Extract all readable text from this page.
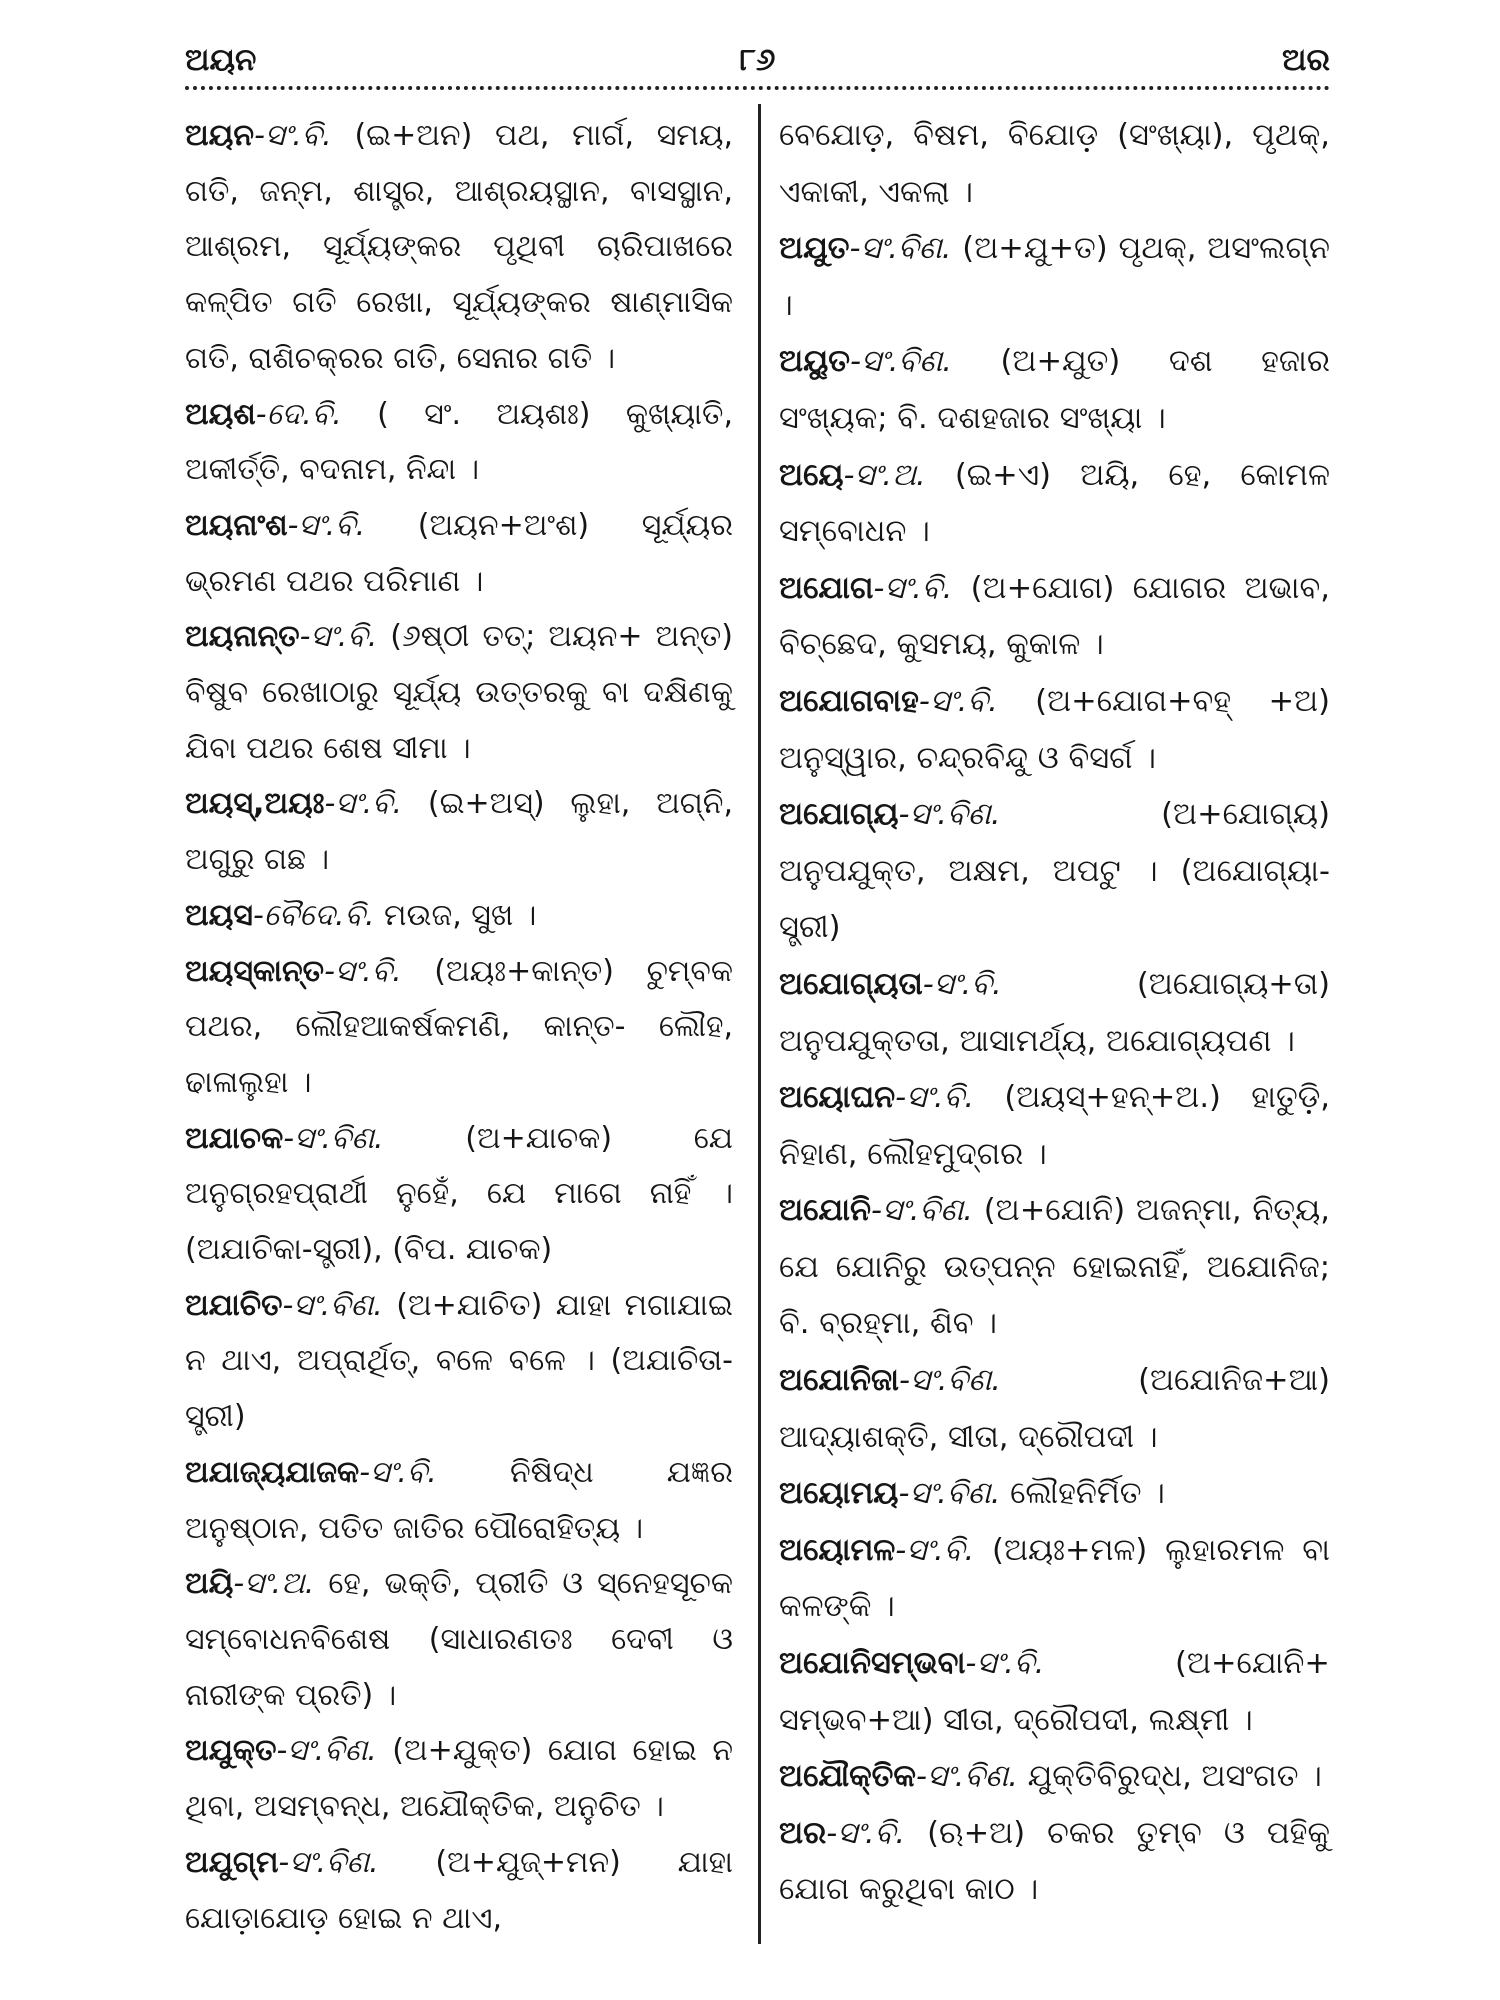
ଅୟନ	୮୬	ଅର

ଅୟନ-ସଂ.ବି. (ଇ+ଅନ) ପଥ, ମାର୍ଗ, ସମୟ, ଗତି, ଜନ୍ମ, ଶାସ୍ତ୍ର, ଆଶ୍ରୟସ୍ଥାନ, ବାସସ୍ଥାନ, ଆଶ୍ରମ, ସୂର୍ଯ୍ୟଙ୍କର ପୃଥିବୀ ଚାରିପାଖରେ କଳ୍ପିତ ଗତି ରେଖା, ସୂର୍ଯ୍ୟଙ୍କର ଷାଣ୍ମାସିକ ଗତି, ରାଶିଚକ୍ରର ଗତି, ସେନାର ଗତି ।

ଅୟଶ-ଦେ.ବି. ( ସଂ. ଅୟଶଃ) କୁଖ୍ୟାତି, ଅକୀର୍ତ୍ତି, ବଦନାମ, ନିନ୍ଦା ।

ଅୟନାଂଶ-ସଂ.ବି. (ଅୟନ+ଅଂଶ) ସୂର୍ଯ୍ୟର ଭ୍ରମଣ ପଥର ପରିମାଣ ।

ଅୟନାନ୍ତ-ସଂ.ବି. (୬ଷ୍ଠୀ ତତ୍; ଅୟନ+ ଅନ୍ତ) ବିଷୁବ ରେଖାଠାରୁ ସୂର୍ଯ୍ୟ ଉତ୍ତରକୁ ବା ଦକ୍ଷିଣକୁ ଯିବା ପଥର ଶେଷ ସୀମା ।

ଅୟସ୍,ଅୟଃ-ସଂ.ବି. (ଇ+ଅସ୍) ଲୁହା, ଅଗ୍ନି, ଅଗୁରୁ ଗଛ ।

ଅୟସ-ବୈଦେ.ବି. ମଉଜ, ସୁଖ ।

ଅୟସ୍କାନ୍ତ-ସଂ.ବି. (ଅୟଃ+କାନ୍ତ) ଚୁମ୍ବକ ପଥର, ଲୌହଆକର୍ଷକମଣି, କାନ୍ତ- ଲୌହ, ଢାଳାଲୁହା ।

ଅଯାଚକ-ସଂ.ବିଣ. (ଅ+ଯାଚକ) ଯେ ଅନୁଗ୍ରହପ୍ରାର୍ଥୀ ନୁହେଁ, ଯେ ମାଗେ ନାହିଁ । (ଅଯାଚିକା-ସ୍ତ୍ରୀ), (ବିପ. ଯାଚକ)

ଅଯାଚିତ-ସଂ.ବିଣ. (ଅ+ଯାଚିତ) ଯାହା ମଗାଯାଇ ନ ଥାଏ, ଅପ୍ରାର୍ଥିତ୍, ବଳେ ବଳେ । (ଅଯାଚିତା-ସ୍ତ୍ରୀ)

ଅଯାଜ୍ୟଯାଜକ-ସଂ.ବି. ନିଷିଦ୍ଧ ଯଜ୍ଞର ଅନୁଷ୍ଠାନ, ପତିତ ଜାତିର ପୌରୋହିତ୍ୟ ।

ଅୟି-ସଂ.ଅ. ହେ, ଭକ୍ତି, ପ୍ରୀତି ଓ ସ୍ନେହସୂଚକ ସମ୍ବୋଧନବିଶେଷ (ସାଧାରଣତଃ ଦେବୀ ଓ ନାରୀଙ୍କ ପ୍ରତି) ।

ଅଯୁକ୍ତ-ସଂ.ବିଣ. (ଅ+ଯୁକ୍ତ) ଯୋଗ ହୋଇ ନ ଥିବା, ଅସମ୍ବନ୍ଧ, ଅଯୌକ୍ତିକ, ଅନୁଚିତ ।

ଅଯୁଗ୍ମ-ସଂ.ବିଣ. (ଅ+ଯୁଜ୍+ମନ) ଯାହା ଯୋଡ଼ାଯୋଡ଼ ହୋଇ ନ ଥାଏ,

ବେଯୋଡ଼, ବିଷମ, ବିଯୋଡ଼ (ସଂଖ୍ୟା), ପୃଥକ୍, ଏକାକୀ, ଏକଲା ।

ଅଯୁତ-ସଂ.ବିଣ. (ଅ+ଯୁ+ତ) ପୃଥକ୍, ଅସଂଲଗ୍ନ ।

ଅୟୁତ-ସଂ.ବିଣ. (ଅ+ଯୁତ) ଦଶ ହଜାର ସଂଖ୍ୟକ; ବି. ଦଶହଜାର ସଂଖ୍ୟା ।

ଅୟେ-ସଂ.ଅ. (ଇ+ଏ) ଅୟି, ହେ, କୋମଳ ସମ୍ବୋଧନ ।

ଅଯୋଗ-ସଂ.ବି. (ଅ+ଯୋଗ) ଯୋଗର ଅଭାବ, ବିଚ୍ଛେଦ, କୁସମୟ, କୁକାଳ ।

ଅଯୋଗବାହ-ସଂ.ବି. (ଅ+ଯୋଗ+ବହ୍ +ଅ) ଅନୁସ୍ୱାର, ଚନ୍ଦ୍ରବିନ୍ଦୁ ଓ ବିସର୍ଗ ।

ଅଯୋଗ୍ୟ-ସଂ.ବିଣ. (ଅ+ଯୋଗ୍ୟ) ଅନୁପଯୁକ୍ତ, ଅକ୍ଷମ, ଅପଟୁ । (ଅଯୋଗ୍ୟା-ସ୍ତ୍ରୀ)

ଅଯୋଗ୍ୟତା-ସଂ.ବି. (ଅଯୋଗ୍ୟ+ତା) ଅନୁପଯୁକ୍ତତା, ଆସାମର୍ଥ୍ୟ, ଅଯୋଗ୍ୟପଣ ।

ଅୟୋଘନ-ସଂ.ବି. (ଅୟସ୍+ହନ୍+ଅ.) ହାତୁଡ଼ି, ନିହାଣ, ଲୌହମୁଦ୍‌ଗର ।

ଅଯୋନି-ସଂ.ବିଣ. (ଅ+ଯୋନି) ଅଜନ୍ମା, ନିତ୍ୟ, ଯେ ଯୋନିରୁ ଉତ୍ପନ୍ନ ହୋଇନାହିଁ, ଅଯୋନିଜ; ବି. ବ୍ରହ୍ମା, ଶିବ ।

ଅଯୋନିଜା-ସଂ.ବିଣ. (ଅଯୋନିଜ+ଆ) ଆଦ୍ୟାଶକ୍ତି, ସୀତା, ଦ୍ରୌପଦୀ ।

ଅୟୋମୟ-ସଂ.ବିଣ. ଲୌହନିର୍ମିତ ।

ଅୟୋମଳ-ସଂ.ବି. (ଅୟଃ+ମଳ) ଲୁହାରମଳ ବା କଳଙ୍କି ।

ଅଯୋନିସମ୍ଭବା-ସଂ.ବି. (ଅ+ଯୋନି+ ସମ୍ଭବ+ଆ) ସୀତା, ଦ୍ରୌପଦୀ, ଲକ୍ଷ୍ମୀ ।

ଅଯୌକ୍ତିକ-ସଂ.ବିଣ. ଯୁକ୍ତିବିରୁଦ୍ଧ, ଅସଂଗତ ।

ଅର-ସଂ.ବି. (ଋ+ଅ) ଚକର ତୁମ୍ବ ଓ ପହିକୁ ଯୋଗ କରୁଥିବା କାଠ ।
